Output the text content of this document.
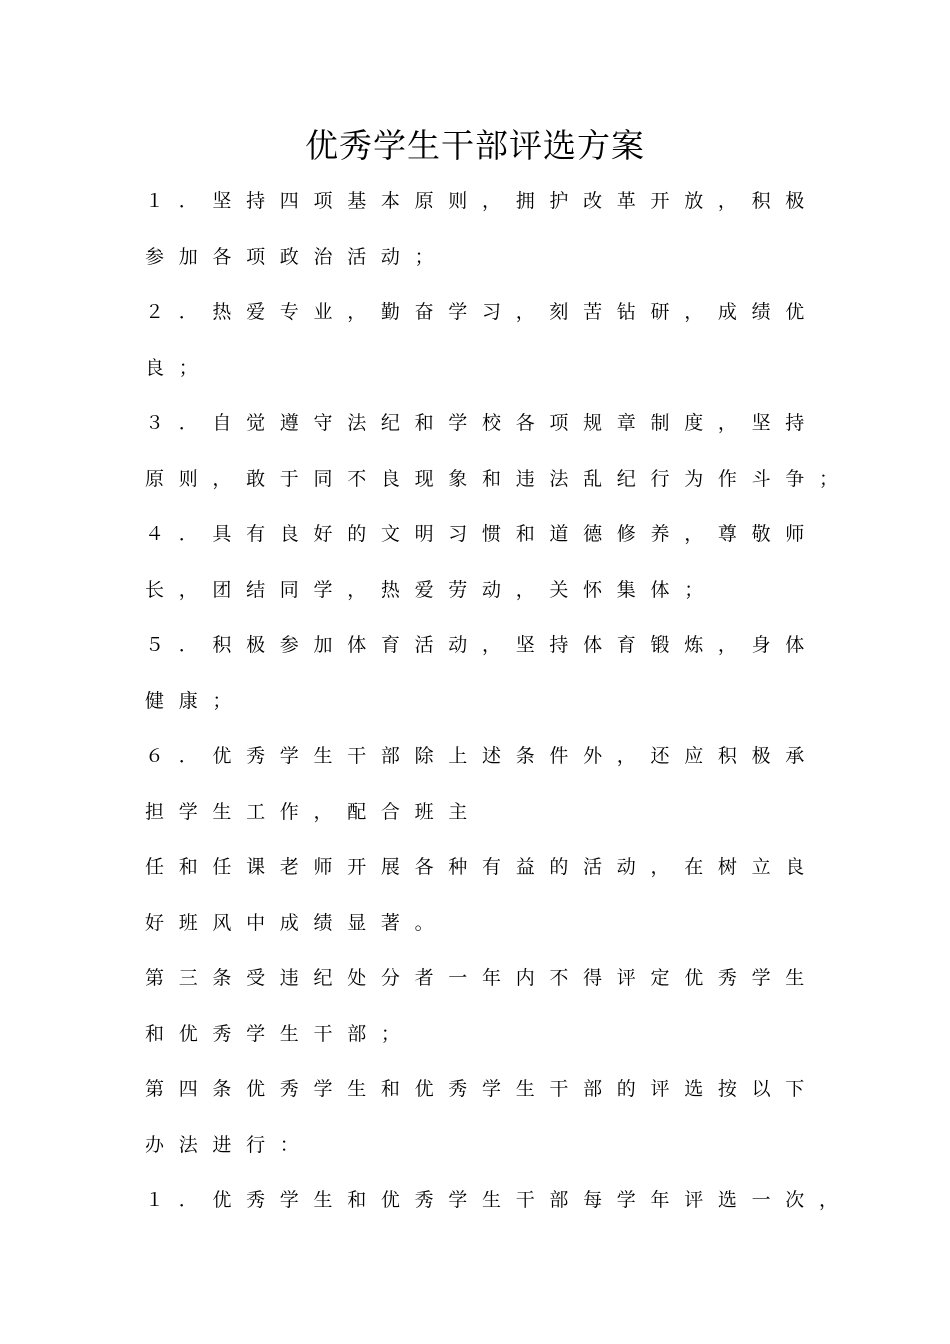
优秀学生干部评选方案
１．坚持四项基本原则，拥护改革开放，积极
参加各项政治活动；
２．热爱专业，勤奋学习，刻苦钻研，成绩优
良；
３．自觉遵守法纪和学校各项规章制度，坚持
原则，敢于同不良现象和违法乱纪行为作斗争；
４．具有良好的文明习惯和道德修养，尊敬师
长，团结同学，热爱劳动，关怀集体；
５．积极参加体育活动，坚持体育锻炼，身体
健康；
６．优秀学生干部除上述条件外，还应积极承
担学生工作，配合班主
任和任课老师开展各种有益的活动，在树立良
好班风中成绩显著。
第三条受违纪处分者一年内不得评定优秀学生
和优秀学生干部；
第四条优秀学生和优秀学生干部的评选按以下
办法进行：
１．优秀学生和优秀学生干部每学年评选一次，
